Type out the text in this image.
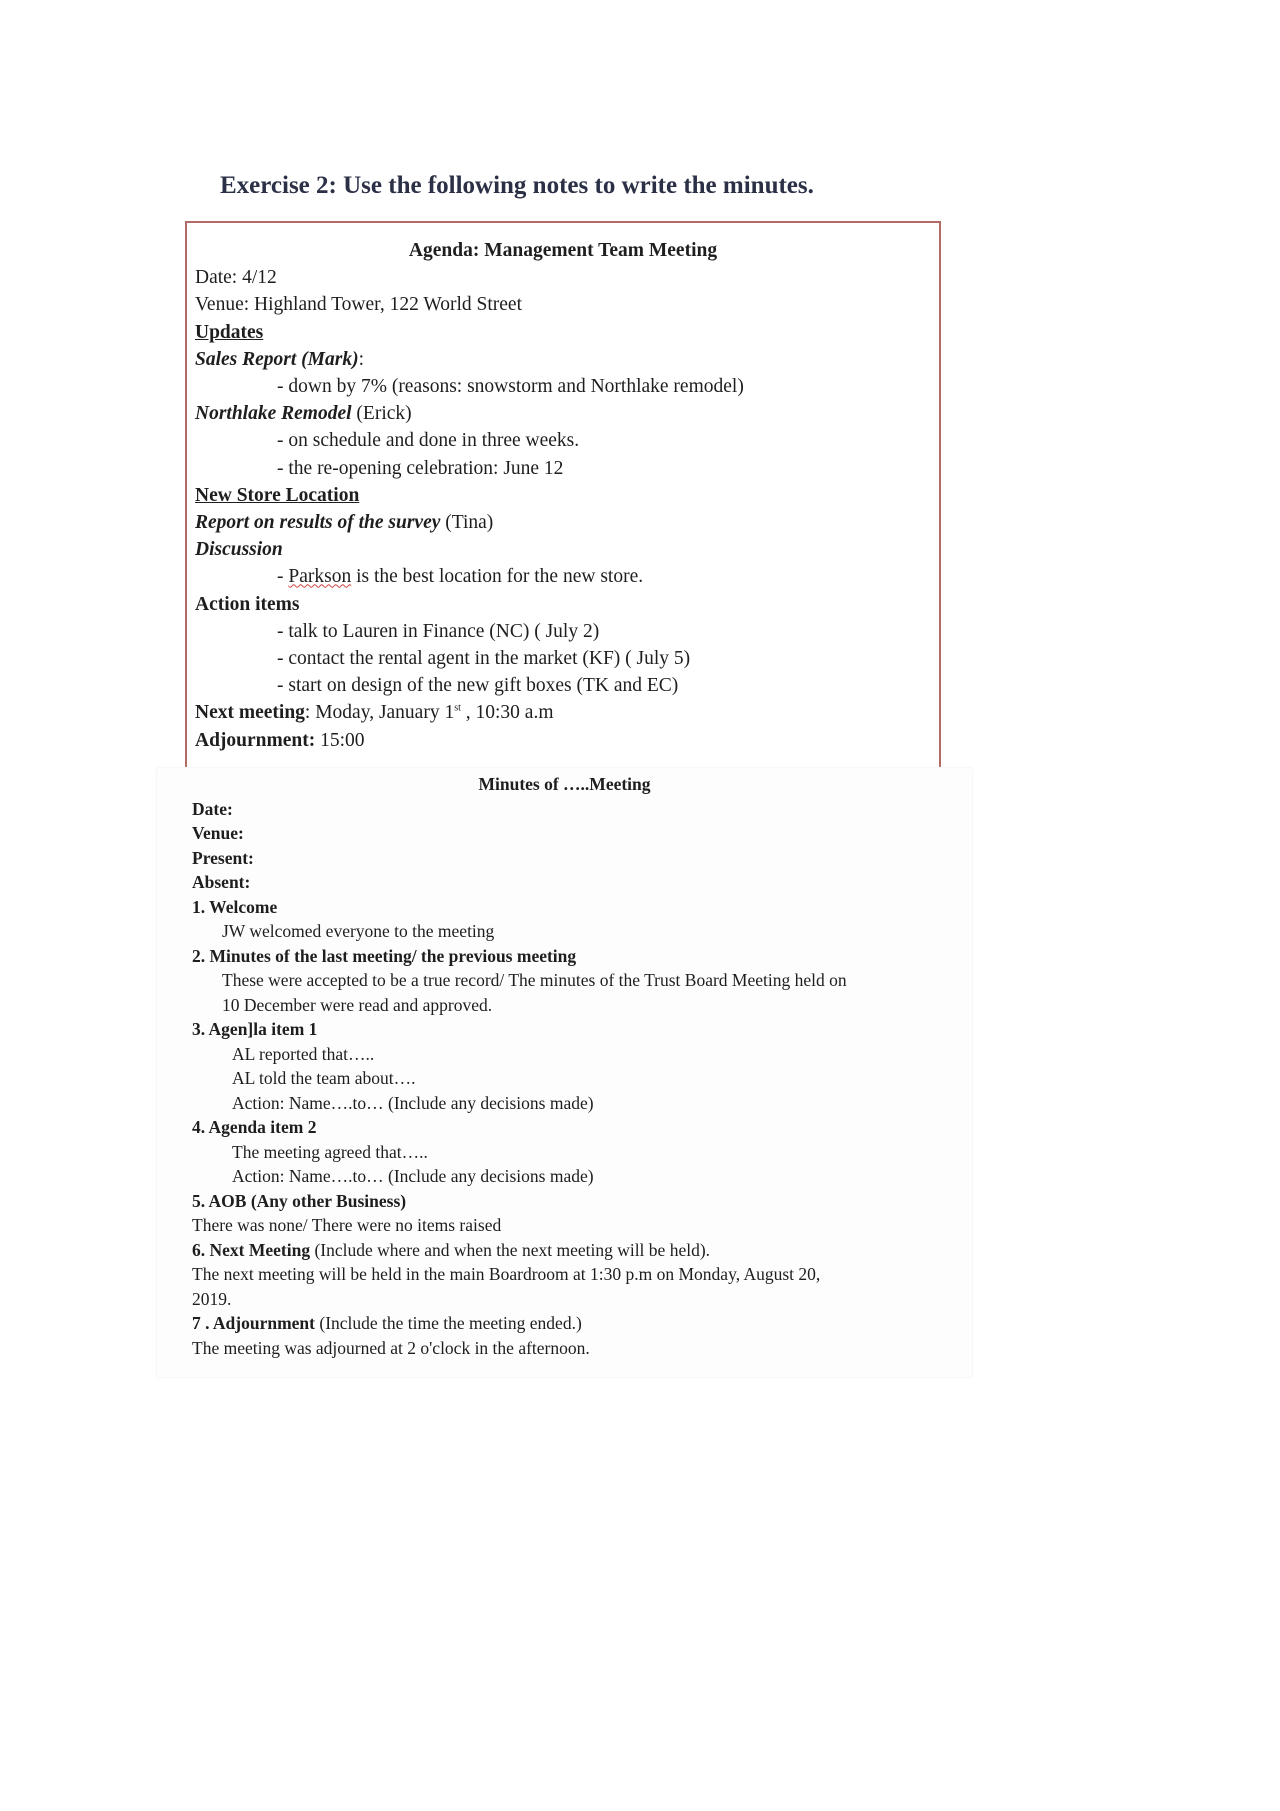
Exercise 2: Use the following notes to write the minutes.
Agenda: Management Team Meeting
Date: 4/12
Venue: Highland Tower, 122 World Street
Updates
Sales Report (Mark):
- down by 7% (reasons: snowstorm and Northlake remodel)
Northlake Remodel (Erick)
- on schedule and done in three weeks.
- the re-opening celebration: June 12
New Store Location
Report on results of the survey (Tina)
Discussion
- Parkson is the best location for the new store.
Action items
- talk to Lauren in Finance (NC) ( July 2)
- contact the rental agent in the market (KF) ( July 5)
- start on design of the new gift boxes (TK and EC)
Next meeting: Moday, January 1st , 10:30 a.m
Adjournment: 15:00
Minutes of …..Meeting
Date:
Venue:
Present:
Absent:
1. Welcome
JW welcomed everyone to the meeting
2. Minutes of the last meeting/ the previous meeting
These were accepted to be a true record/ The minutes of the Trust Board Meeting held on
10 December were read and approved.
3. Agen]la item 1
AL reported that…..
AL told the team about….
Action: Name….to… (Include any decisions made)
4. Agenda item 2
The meeting agreed that…..
Action: Name….to… (Include any decisions made)
5. AOB (Any other Business)
There was none/ There were no items raised
6. Next Meeting (Include where and when the next meeting will be held).
The next meeting will be held in the main Boardroom at 1:30 p.m on Monday, August 20,
2019.
7 . Adjournment (Include the time the meeting ended.)
The meeting was adjourned at 2 o'clock in the afternoon.
